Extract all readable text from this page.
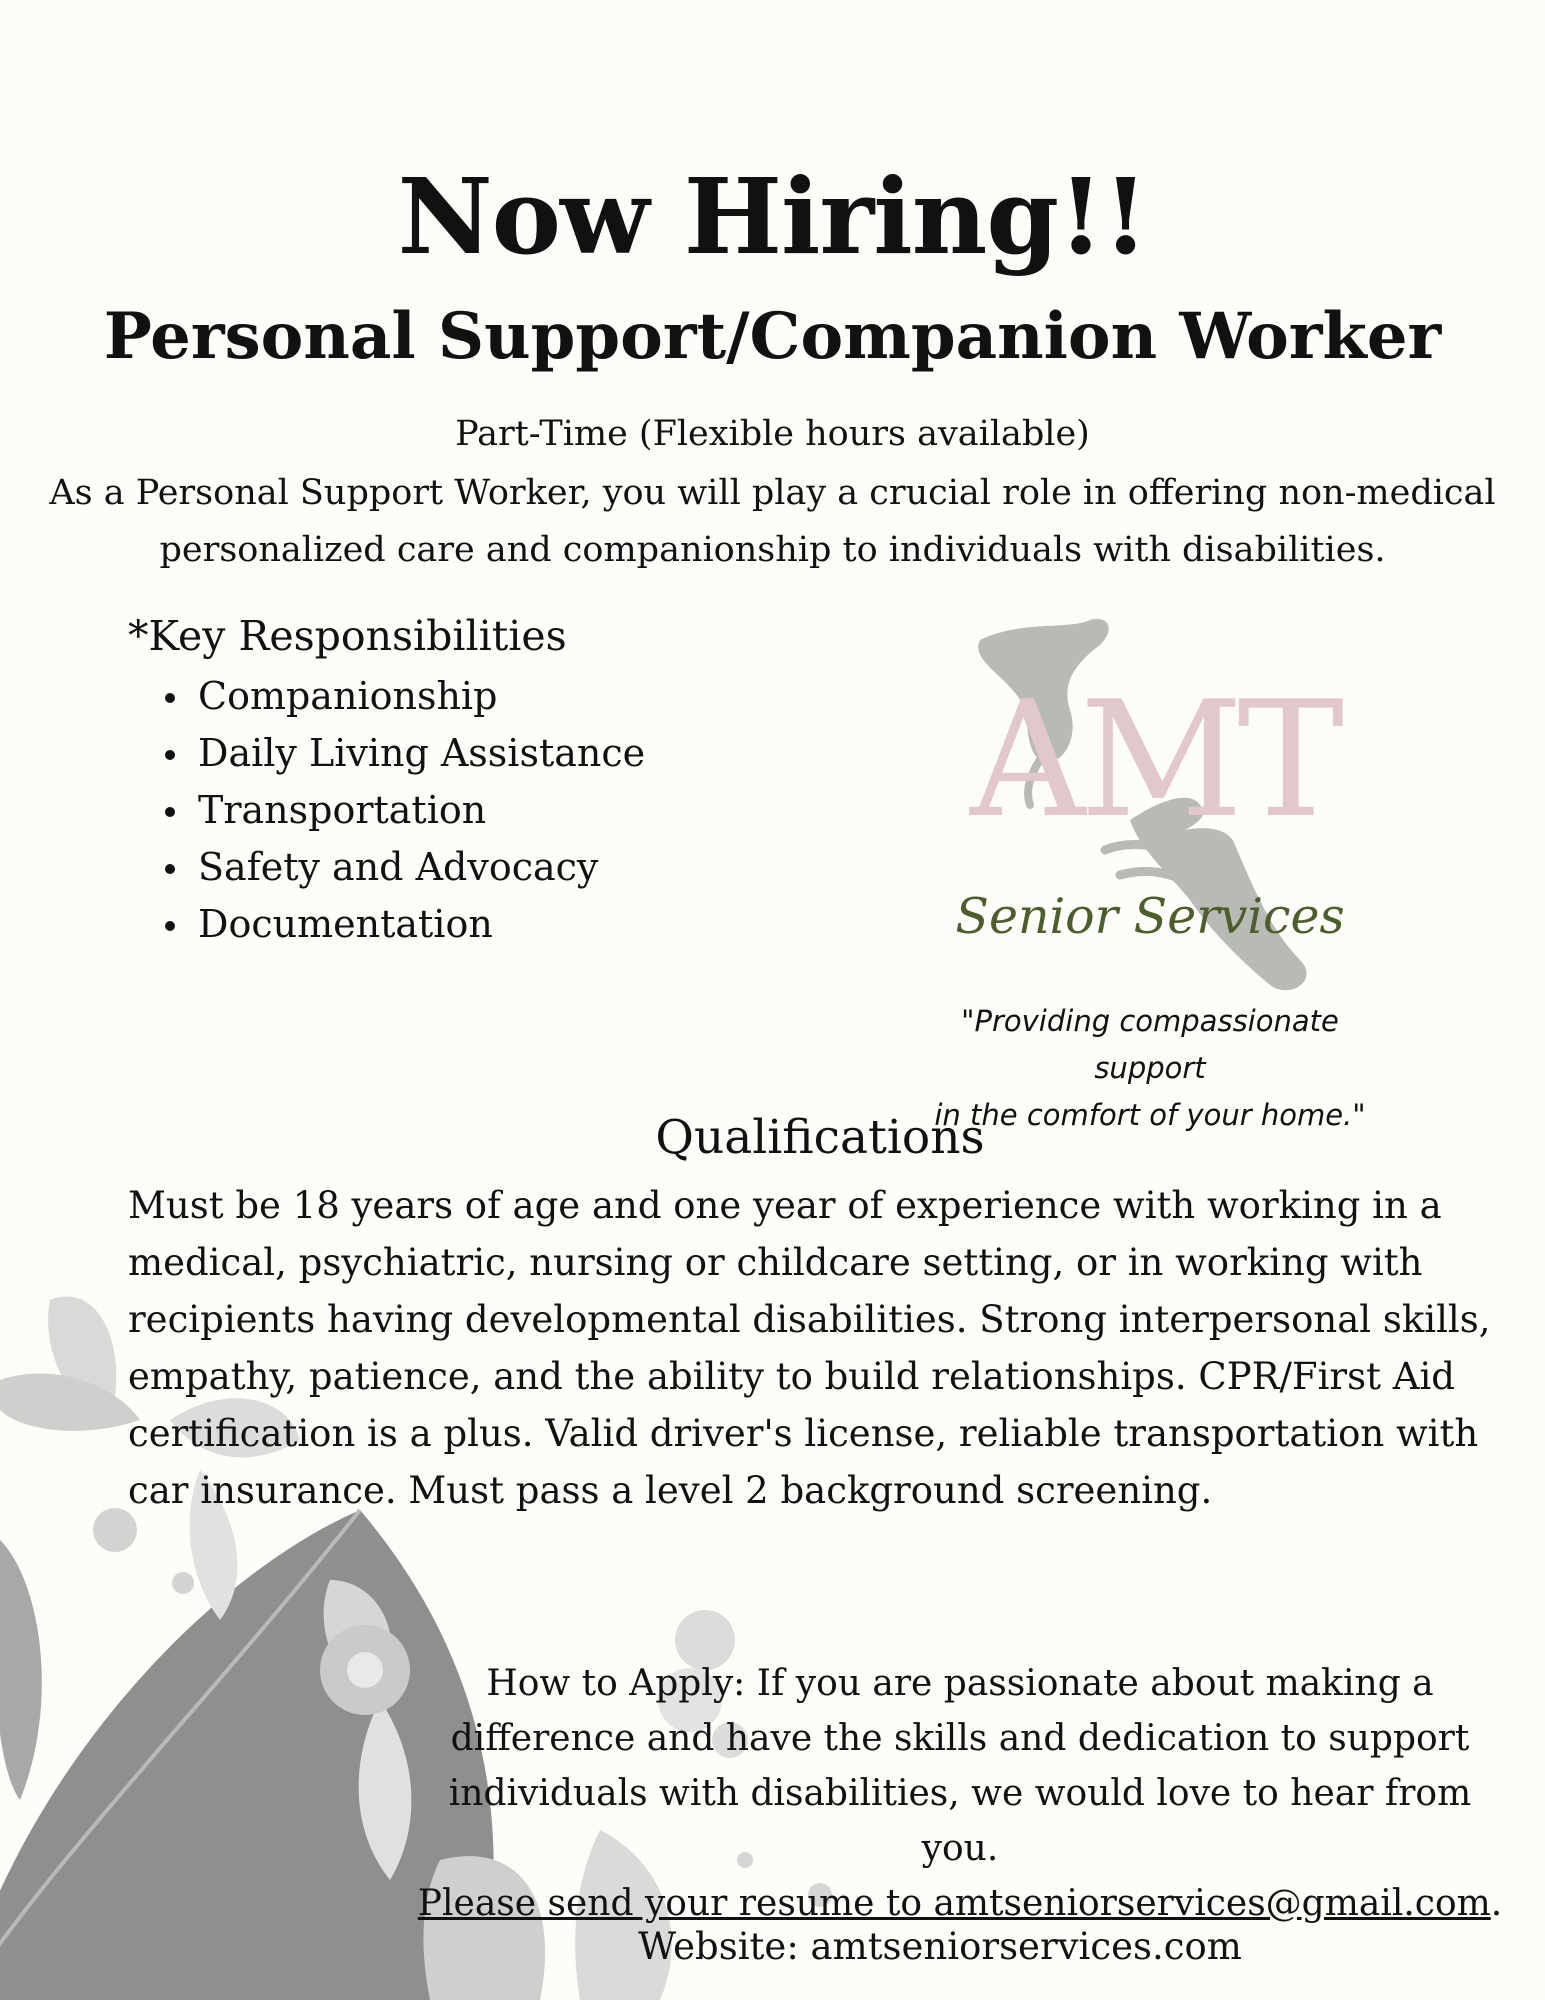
Now Hiring!!
Personal Support/Companion Worker
Part-Time (Flexible hours available)
As a Personal Support Worker, you will play a crucial role in offering non-medical personalized care and companionship to individuals with disabilities.
*Key Responsibilities
Companionship
Daily Living Assistance
Transportation
Safety and Advocacy
Documentation
AMT
Senior Services
"Providing compassionate support
in the comfort of your home."
Qualifications
Must be 18 years of age and one year of experience with working in a medical, psychiatric, nursing or childcare setting, or in working with recipients having developmental disabilities. Strong interpersonal skills, empathy, patience, and the ability to build relationships. CPR/First Aid certification is a plus. Valid driver's license, reliable transportation with car insurance. Must pass a level 2 background screening.
How to Apply: If you are passionate about making a difference and have the skills and dedication to support individuals with disabilities, we would love to hear from you.
Please send your resume to amtseniorservices@gmail.com.
Website: amtseniorservices.com
